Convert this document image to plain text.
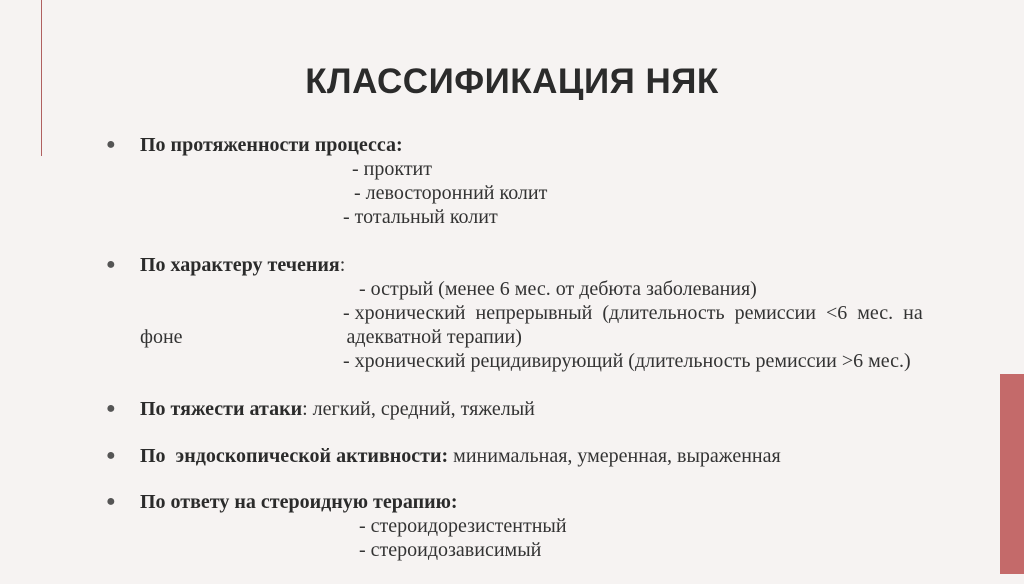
КЛАССИФИКАЦИЯ НЯК
●	По протяженности процесса:
- проктит
- левосторонний колит
- тотальный колит
●	По характеру течения:
- острый (менее 6 мес. от дебюта заболевания)
- хронический  непрерывный  (длительность  ремиссии  <6  мес.  на
фоне	адекватной терапии)
- хронический рецидивирующий (длительность ремиссии >6 мес.)
●	По тяжести атаки: легкий, средний, тяжелый
●	По  эндоскопической активности: минимальная, умеренная, выраженная
●	По ответу на стероидную терапию:
- стероидорезистентный
- стероидозависимый
